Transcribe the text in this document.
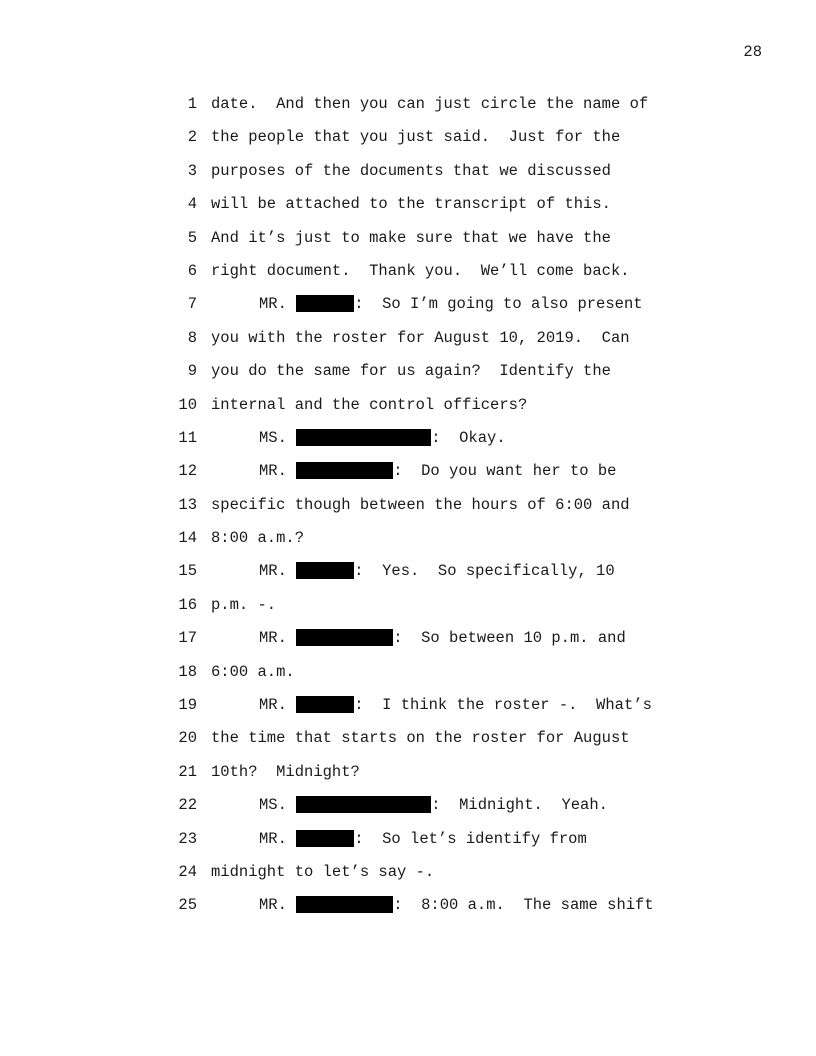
28
1 date.  And then you can just circle the name of
2 the people that you just said.  Just for the
3 purposes of the documents that we discussed
4 will be attached to the transcript of this.
5 And it’s just to make sure that we have the
6 right document.  Thank you.  We’ll come back.
7	MR.
	:  So I’m going to also present
8 you with the roster for August 10, 2019.  Can
9 you do the same for us again?  Identify the
10 internal and the control officers?
11	MS.
	:  Okay.
12	MR.
	:  Do you want her to be
13 specific though between the hours of 6:00 and
14 8:00 a.m.?
15	MR.
	:  Yes.  So specifically, 10
16 p.m. -.
17	MR.
	:  So between 10 p.m. and
18 6:00 a.m.
19	MR.
	:  I think the roster -.  What’s
20 the time that starts on the roster for August
21 10th?  Midnight?
22	MS.
	:  Midnight.  Yeah.
23	MR.
	:  So let’s identify from
24 midnight to let’s say -.
25	MR.
	:  8:00 a.m.  The same shift
